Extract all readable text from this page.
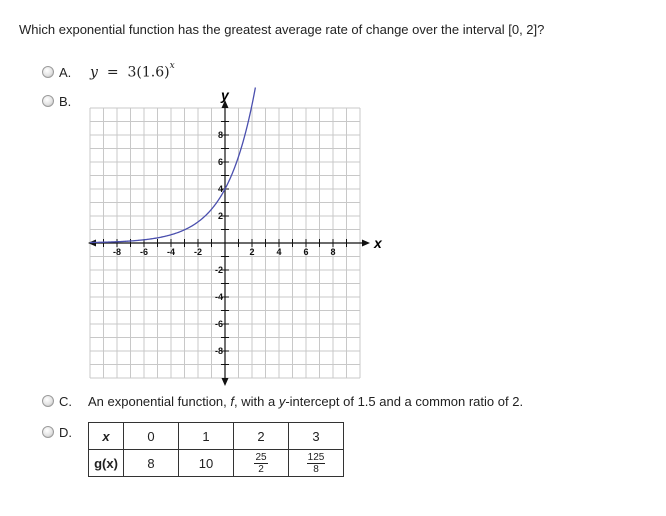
Which exponential function has the greatest average rate of change over the interval [0, 2]?
A. $y = 3(1.6)^x$
B.
-8 -6 -4 -2	2 4 6 8
8
6
4
2
-2
-4
-6
-8
x
y
C. An exponential function, f, with a y-intercept of 1.5 and a common ratio of 2.
D. x	0	1	2	3
g(x)	8	10	$\frac{25}{2}$	$\frac{125}{8}$
